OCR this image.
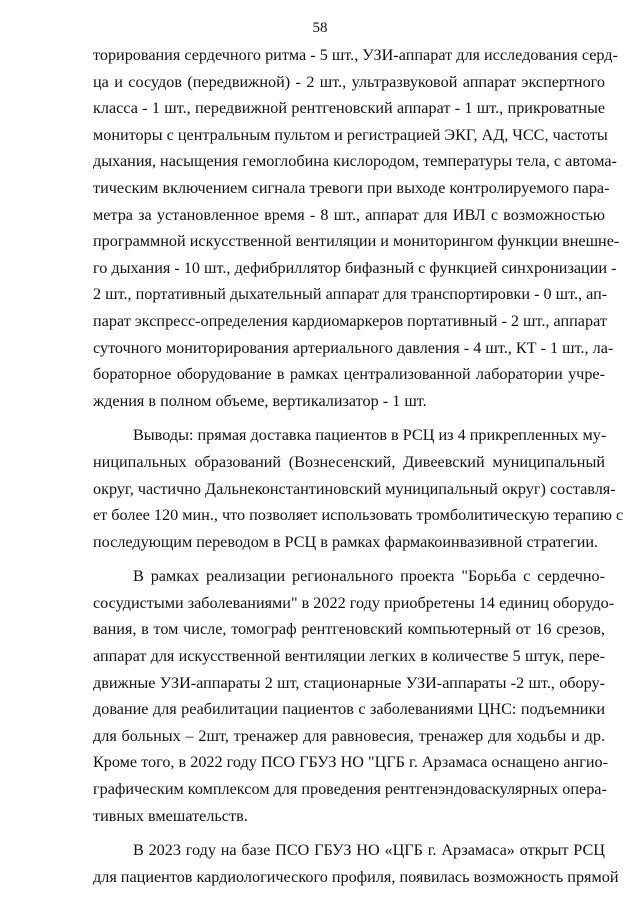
58
торирования сердечного ритма - 5 шт., УЗИ-аппарат для исследования серд-
ца и сосудов (передвижной) - 2 шт., ультразвуковой аппарат экспертного
класса - 1 шт., передвижной рентгеновский аппарат - 1 шт., прикроватные
мониторы с центральным пультом и регистрацией ЭКГ, АД, ЧСС, частоты
дыхания, насыщения гемоглобина кислородом, температуры тела, с автома-
тическим включением сигнала тревоги при выходе контролируемого пара-
метра за установленное время - 8 шт., аппарат для ИВЛ с возможностью
программной искусственной вентиляции и мониторингом функции внешне-
го дыхания - 10 шт., дефибриллятор бифазный с функцией синхронизации -
2 шт., портативный дыхательный аппарат для транспортировки - 0 шт., ап-
парат экспресс-определения кардиомаркеров портативный - 2 шт., аппарат
суточного мониторирования артериального давления - 4 шт., КТ - 1 шт., ла-
бораторное оборудование в рамках централизованной лаборатории учре-
ждения в полном объеме, вертикализатор - 1 шт.
Выводы: прямая доставка пациентов в РСЦ из 4 прикрепленных му-
ниципальных образований (Вознесенский, Дивеевский муниципальный
округ, частично Дальнеконстантиновский муниципальный округ) составля-
ет более 120 мин., что позволяет использовать тромболитическую терапию с
последующим переводом в РСЦ в рамках фармакоинвазивной стратегии.
В рамках реализации регионального проекта "Борьба с сердечно-
сосудистыми заболеваниями" в 2022 году приобретены 14 единиц оборудо-
вания, в том числе, томограф рентгеновский компьютерный от 16 срезов,
аппарат для искусственной вентиляции легких в количестве 5 штук, пере-
движные УЗИ-аппараты 2 шт, стационарные УЗИ-аппараты -2 шт., обору-
дование для реабилитации пациентов с заболеваниями ЦНС: подъемники
для больных – 2шт, тренажер для равновесия, тренажер для ходьбы и др.
Кроме того, в 2022 году ПСО ГБУЗ НО "ЦГБ г. Арзамаса оснащено ангио-
графическим комплексом для проведения рентгенэндоваскулярных опера-
тивных вмешательств.
В 2023 году на базе ПСО ГБУЗ НО «ЦГБ г. Арзамаса» открыт РСЦ
для пациентов кардиологического профиля, появилась возможность прямой
